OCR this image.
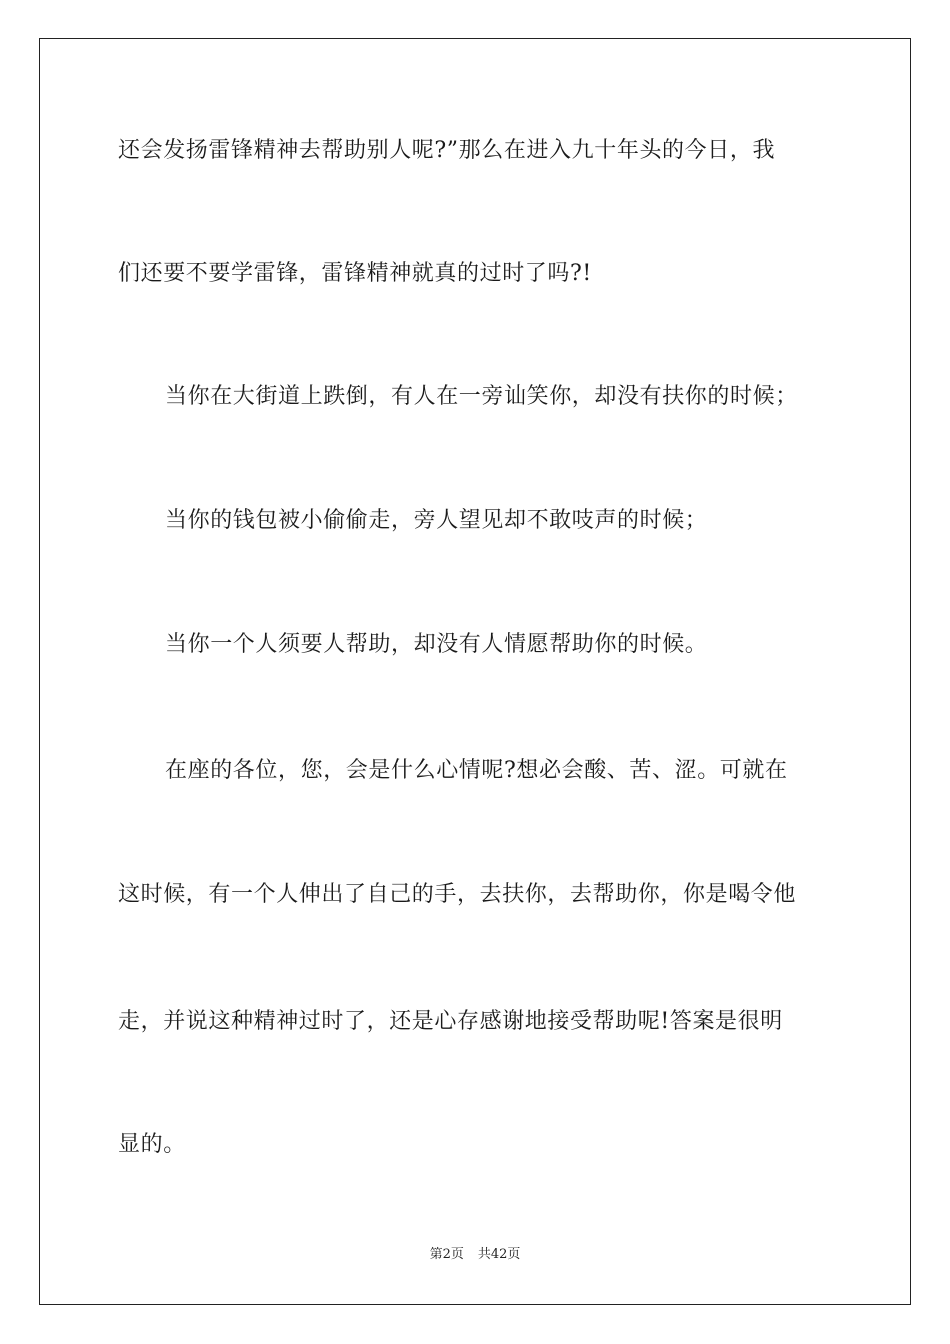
还会发扬雷锋精神去帮助别人呢?”那么在进入九十年头的今日，我
们还要不要学雷锋，雷锋精神就真的过时了吗?!
当你在大街道上跌倒，有人在一旁讪笑你，却没有扶你的时候；
当你的钱包被小偷偷走，旁人望见却不敢吱声的时候；
当你一个人须要人帮助，却没有人情愿帮助你的时候。
在座的各位，您，会是什么心情呢?想必会酸、苦、涩。可就在
这时候，有一个人伸出了自己的手，去扶你，去帮助你，你是喝令他
走，并说这种精神过时了，还是心存感谢地接受帮助呢!答案是很明
显的。
第2页 共42页
